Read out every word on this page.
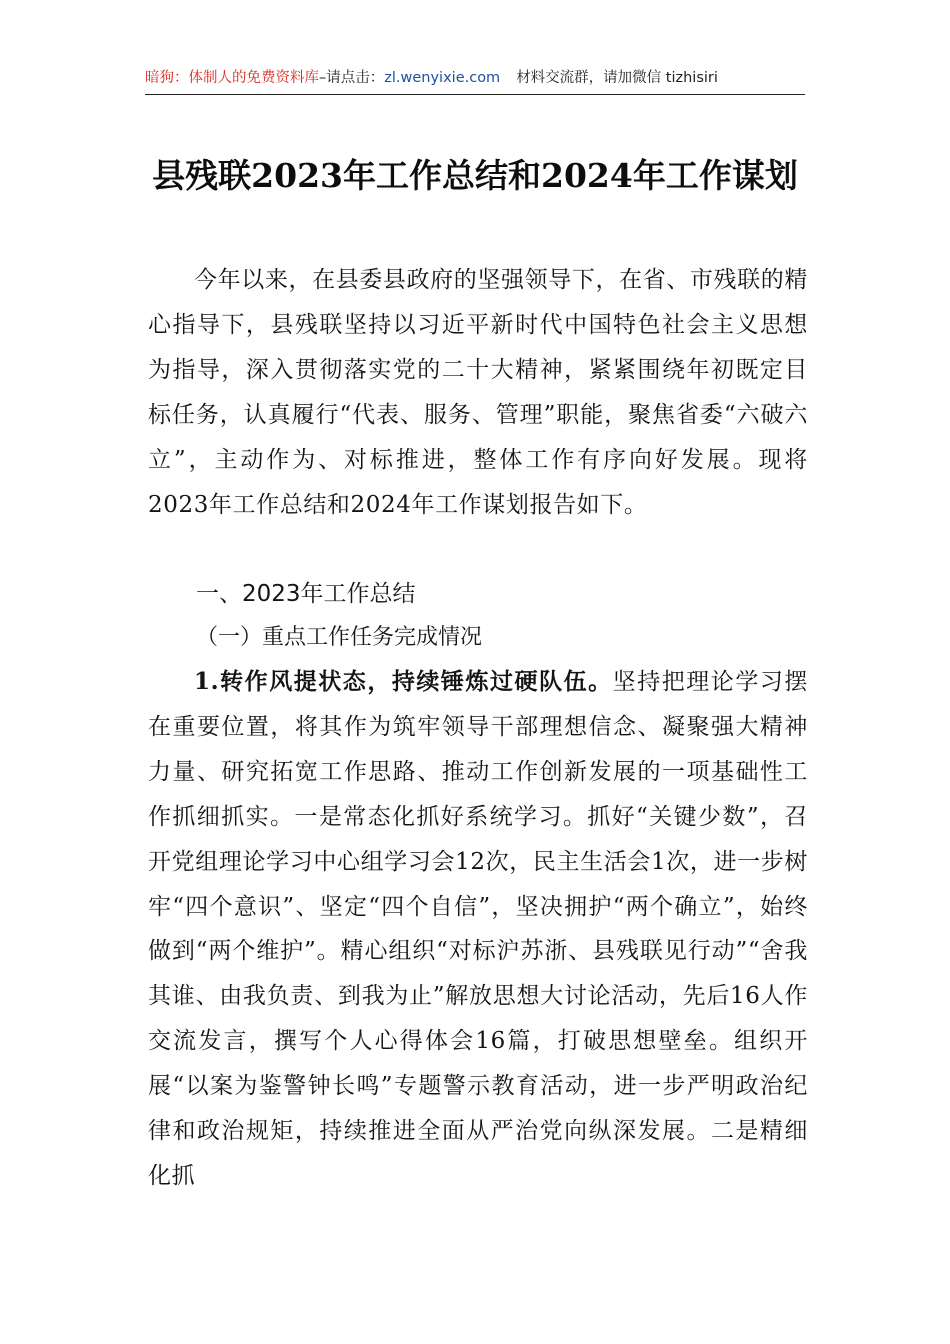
暗狗：体制人的免费资料库–请点击：zl.wenyixie.com 材料交流群，请加微信 tizhisiri
县残联2023年工作总结和2024年工作谋划
今年以来，在县委县政府的坚强领导下，在省、市残联的精心指导下，县残联坚持以习近平新时代中国特色社会主义思想为指导，深入贯彻落实党的二十大精神，紧紧围绕年初既定目标任务，认真履行“代表、服务、管理”职能，聚焦省委“六破六立”，主动作为、对标推进，整体工作有序向好发展。现将2023年工作总结和2024年工作谋划报告如下。
一、2023年工作总结
（一）重点工作任务完成情况
1.转作风提状态，持续锤炼过硬队伍。坚持把理论学习摆在重要位置，将其作为筑牢领导干部理想信念、凝聚强大精神力量、研究拓宽工作思路、推动工作创新发展的一项基础性工作抓细抓实。一是常态化抓好系统学习。抓好“关键少数”，召开党组理论学习中心组学习会12次，民主生活会1次，进一步树牢“四个意识”、坚定“四个自信”，坚决拥护“两个确立”，始终做到“两个维护”。精心组织“对标沪苏浙、县残联见行动”“舍我其谁、由我负责、到我为止”解放思想大讨论活动，先后16人作交流发言，撰写个人心得体会16篇，打破思想壁垒。组织开展“以案为鉴警钟长鸣”专题警示教育活动，进一步严明政治纪律和政治规矩，持续推进全面从严治党向纵深发展。二是精细化抓
